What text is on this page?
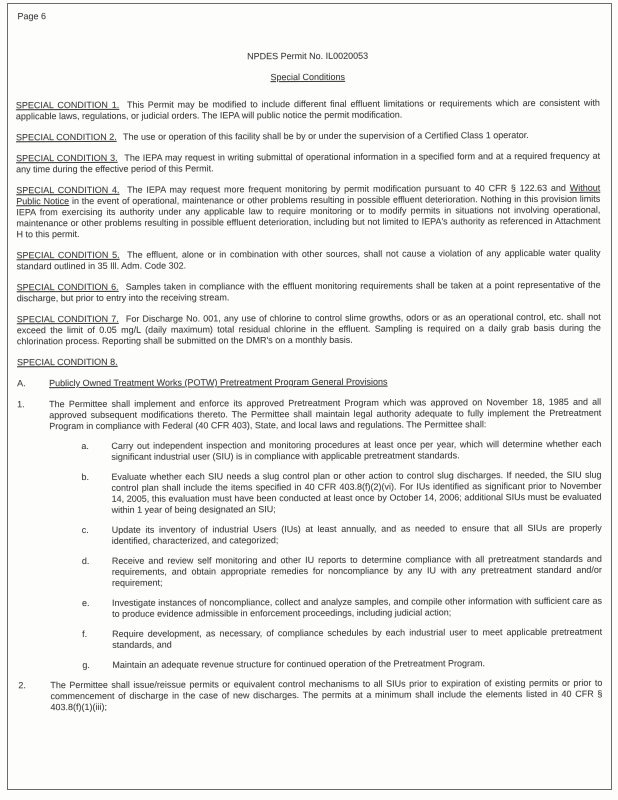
Page 6
NPDES Permit No. IL0020053
Special Conditions

SPECIAL CONDITION 1. This Permit may be modified to include different final effluent limitations or requirements which are consistent with applicable laws, regulations, or judicial orders. The IEPA will public notice the permit modification.

SPECIAL CONDITION 2. The use or operation of this facility shall be by or under the supervision of a Certified Class 1 operator.

SPECIAL CONDITION 3. The IEPA may request in writing submittal of operational information in a specified form and at a required frequency at any time during the effective period of this Permit.

SPECIAL CONDITION 4. The IEPA may request more frequent monitoring by permit modification pursuant to 40 CFR § 122.63 and Without Public Notice in the event of operational, maintenance or other problems resulting in possible effluent deterioration. Nothing in this provision limits IEPA from exercising its authority under any applicable law to require monitoring or to modify permits in situations not involving operational, maintenance or other problems resulting in possible effluent deterioration, including but not limited to IEPA's authority as referenced in Attachment H to this permit.

SPECIAL CONDITION 5. The effluent, alone or in combination with other sources, shall not cause a violation of any applicable water quality standard outlined in 35 Ill. Adm. Code 302.

SPECIAL CONDITION 6. Samples taken in compliance with the effluent monitoring requirements shall be taken at a point representative of the discharge, but prior to entry into the receiving stream.

SPECIAL CONDITION 7. For Discharge No. 001, any use of chlorine to control slime growths, odors or as an operational control, etc. shall not exceed the limit of 0.05 mg/L (daily maximum) total residual chlorine in the effluent. Sampling is required on a daily grab basis during the chlorination process. Reporting shall be submitted on the DMR's on a monthly basis.

SPECIAL CONDITION 8.

A.	Publicly Owned Treatment Works (POTW) Pretreatment Program General Provisions
1.	The Permittee shall implement and enforce its approved Pretreatment Program which was approved on November 18, 1985 and all approved subsequent modifications thereto. The Permittee shall maintain legal authority adequate to fully implement the Pretreatment Program in compliance with Federal (40 CFR 403), State, and local laws and regulations. The Permittee shall:
a.	Carry out independent inspection and monitoring procedures at least once per year, which will determine whether each significant industrial user (SIU) is in compliance with applicable pretreatment standards.
b.	Evaluate whether each SIU needs a slug control plan or other action to control slug discharges. If needed, the SIU slug control plan shall include the items specified in 40 CFR 403.8(f)(2)(vi). For IUs identified as significant prior to November 14, 2005, this evaluation must have been conducted at least once by October 14, 2006; additional SIUs must be evaluated within 1 year of being designated an SIU;
c.	Update its inventory of industrial Users (IUs) at least annually, and as needed to ensure that all SIUs are properly identified, characterized, and categorized;
d.	Receive and review self monitoring and other IU reports to determine compliance with all pretreatment standards and requirements, and obtain appropriate remedies for noncompliance by any IU with any pretreatment standard and/or requirement;
e.	Investigate instances of noncompliance, collect and analyze samples, and compile other information with sufficient care as to produce evidence admissible in enforcement proceedings, including judicial action;
f.	Require development, as necessary, of compliance schedules by each industrial user to meet applicable pretreatment standards, and
g.	Maintain an adequate revenue structure for continued operation of the Pretreatment Program.
2.	The Permittee shall issue/reissue permits or equivalent control mechanisms to all SIUs prior to expiration of existing permits or prior to commencement of discharge in the case of new discharges. The permits at a minimum shall include the elements listed in 40 CFR § 403.8(f)(1)(iii);
